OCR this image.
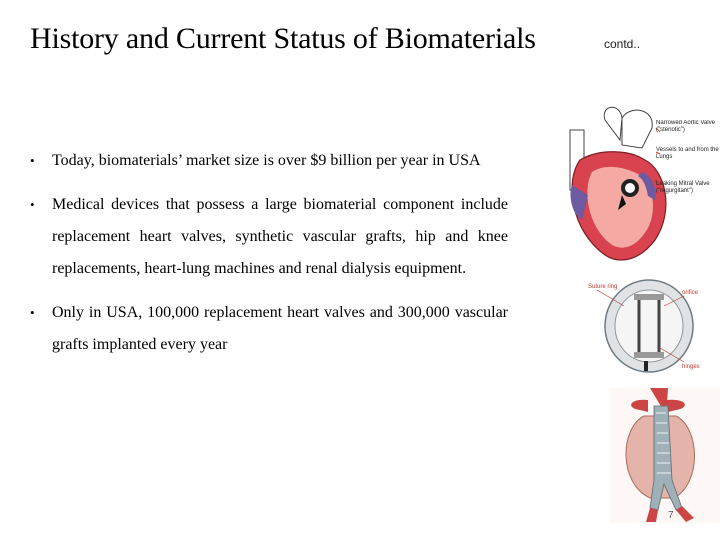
History and Current Status of Biomaterials	contd..
• Today, biomaterials’ market size is over $9 billion per year in USA
• Medical devices that possess a large biomaterial component include replacement heart valves, synthetic vascular grafts, hip and knee replacements, heart-lung machines and renal dialysis equipment.
• Only in USA, 100,000 replacement heart valves and 300,000 vascular grafts implanted every year
Narrowed Aortic Valve ("stenotic")
Vessels to and from the Lungs
Leaking Mitral Valve ("regurgitant")
Suture ring
orifice
hinges
7
